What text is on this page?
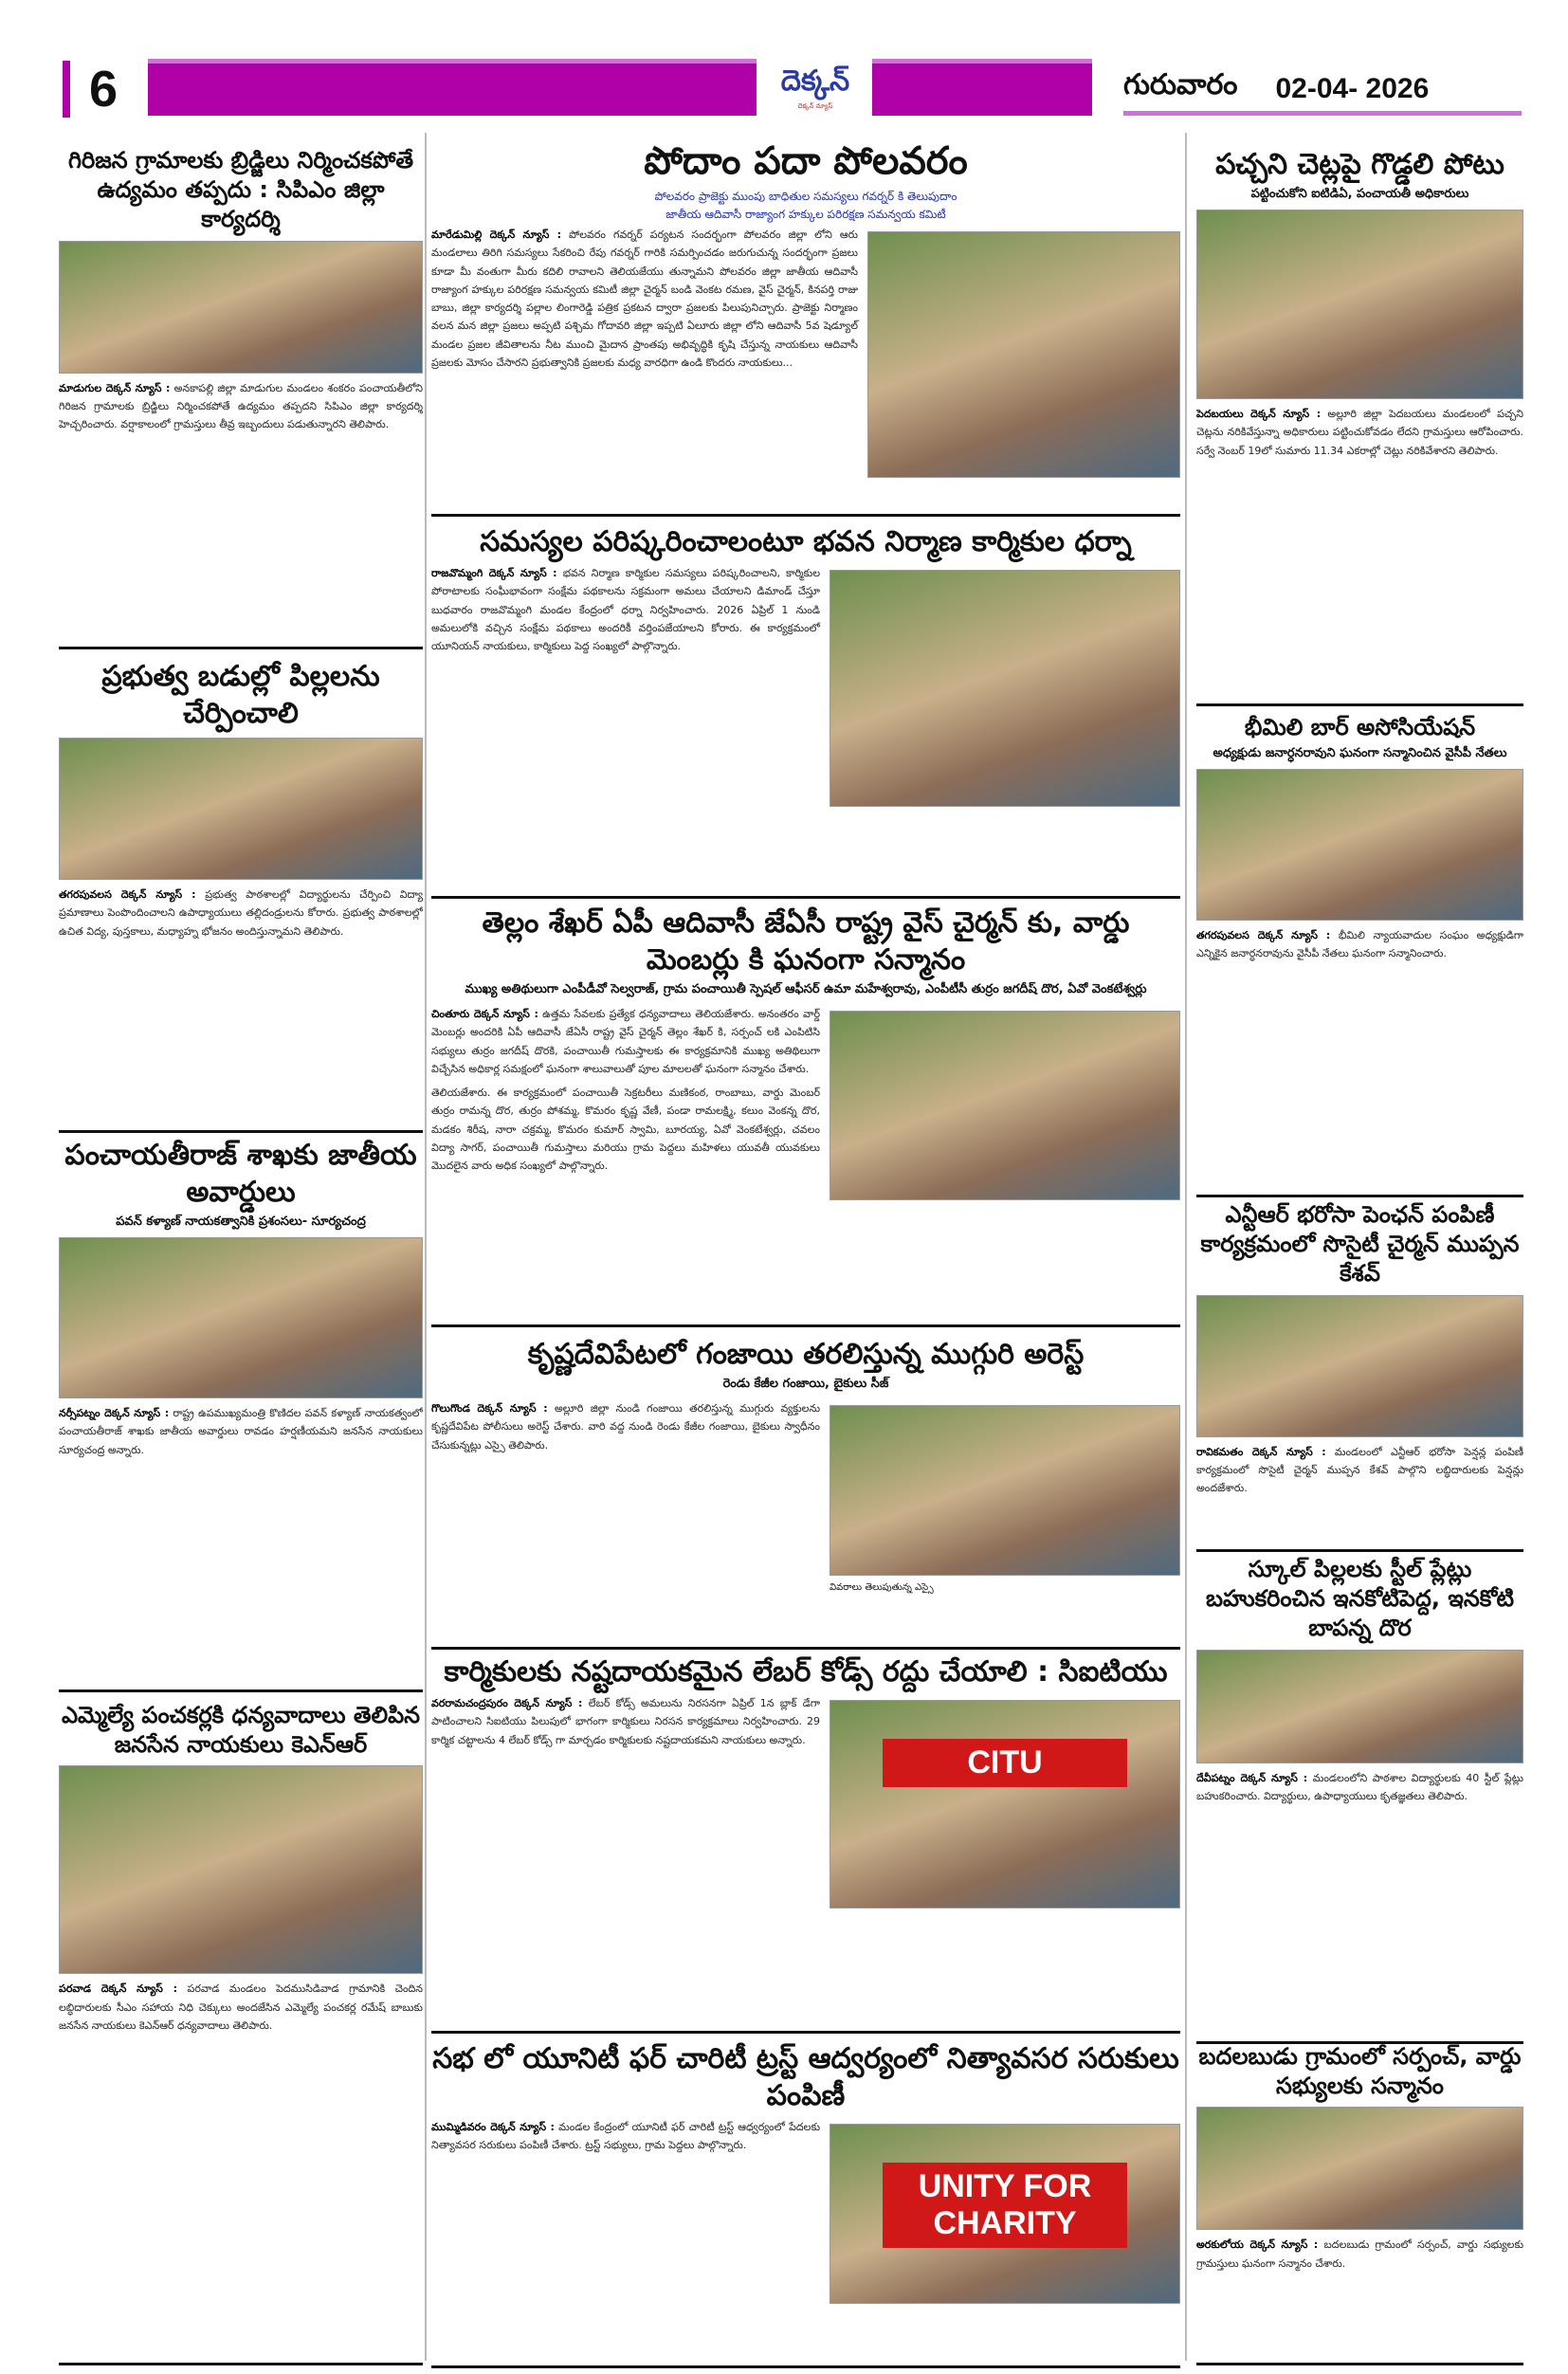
6	దెక్కన్
దెక్కన్ న్యూస్
గురువారం 02-04- 2026
పోదాం పదా పోలవరం
పోలవరం ప్రాజెక్టు ముంపు బాధితుల సమస్యలు గవర్నర్ కి తెలుపుదాం
జాతీయ ఆదివాసీ రాజ్యాంగ హక్కుల పరిరక్షణ సమన్వయ కమిటీ

మారేడుమిల్లి దెక్కన్ న్యూస్ : పోలవరం గవర్నర్ పర్యటన సందర్భంగా పోలవరం జిల్లా లోని ఆరు మండలాలు తిరిగి సమస్యలు సేకరించి రేపు గవర్నర్ గారికి సమర్పించడం జరుగుచున్న సందర్భంగా ప్రజలు కూడా మీ వంతుగా మీరు కదిలి రావాలని తెలియజేయు తున్నామని పోలవరం జిల్లా జాతీయ ఆదివాసీ రాజ్యాంగ హక్కుల పరిరక్షణ సమన్వయ కమిటీ జిల్లా చైర్మన్ బండి వెంకట రమణ, వైస్ చైర్మన్, కినపర్తి రాజు బాబు, జిల్లా కార్యదర్శి పల్లాల లింగారెడ్డి పత్రిక ప్రకటన ద్వారా ప్రజలకు పిలుపునిచ్చారు. ప్రాజెక్టు నిర్మాణం వలన మన జిల్లా ప్రజలు అప్పటి పశ్చిమ గోదావరి జిల్లా ఇప్పటి ఏలూరు జిల్లా లోని ఆదివాసీ 5వ షెడ్యూల్ మండల ప్రజల జీవితాలను నీట ముంచి మైదాన ప్రాంతపు అభివృద్ధికి కృషి చేస్తున్న నాయకులు ఆదివాసీ ప్రజలకు మోసం చేసారని ప్రభుత్వానికి ప్రజలకు మధ్య వారధిగా ఉండి కొందరు నాయకులు...

సమస్యల పరిష్కరించాలంటూ భవన నిర్మాణ కార్మికుల ధర్నా

రాజవొమ్మంగి దెక్కన్ న్యూస్ : భవన నిర్మాణ కార్మికుల సమస్యలు పరిష్కరించాలని, కార్మికుల పోరాటాలకు సంఘీభావంగా సంక్షేమ పథకాలను సక్రమంగా అమలు చేయాలని డిమాండ్ చేస్తూ బుధవారం రాజవొమ్మంగి మండల కేంద్రంలో ధర్నా నిర్వహించారు. 2026 ఏప్రిల్ 1 నుండి అమలులోకి వచ్చిన సంక్షేమ పథకాలు అందరికీ వర్తింపజేయాలని కోరారు. ఈ కార్యక్రమంలో యూనియన్ నాయకులు, కార్మికులు పెద్ద సంఖ్యలో పాల్గొన్నారు.

తెల్లం శేఖర్ ఏపీ ఆదివాసీ జేఏసీ రాష్ట్ర వైస్ చైర్మన్ కు, వార్డు మెంబర్లు కి ఘనంగా సన్మానం
ముఖ్య అతిథులుగా ఎంపీడీవో సెల్వరాజ్, గ్రామ పంచాయితీ స్పెషల్ ఆఫీసర్ ఉమా మహేశ్వరావు, ఎంపీటీసీ తుర్రం జగదీష్ దొర, ఏవో వెంకటేశ్వర్లు

చింతూరు దెక్కన్ న్యూస్ : ఉత్తమ సేవలకు ప్రత్యేక ధన్యవాదాలు తెలియజేశారు. అనంతరం వార్డ్ మెంబర్లు అందరికి ఏపీ ఆదివాసీ జేఏసీ రాష్ట్ర వైస్ చైర్మన్ తెల్లం శేఖర్ కి, సర్పంచ్ లకి ఎంపిటిసి సభ్యులు తుర్రం జగదీష్ దొరకి, పంచాయితీ గుమస్తాలకు ఈ కార్యక్రమానికి ముఖ్య అతిథిలుగా విచ్చేసిన అధికార్ల సమక్షంలో ఘనంగా శాలువాలుతో పూల మాలలతో ఘనంగా సన్మానం చేశారు.

తెలియజేశారు. ఈ కార్యక్రమంలో పంచాయితీ సెక్రటరీలు మణికంఠ, రాంబాబు, వార్డు మెంబర్ తుర్రం రామన్న దొర, తుర్రం పోశమ్మ, కొమరం కృష్ణ వేణీ, పండా రామలక్ష్మి, కలుం వెంకన్న దొర, మడకం శిరీష, నారా చక్రమ్మ, కొమరం కుమార్ స్వామి, బూరయ్య, ఏవో వెంకటేశ్వర్లు, చవలం విద్యా సాగర్, పంచాయితీ గుమస్తాలు మరియు గ్రామ పెద్దలు మహిళలు యువతీ యువకులు మొదలైన వారు అధిక సంఖ్యలో పాల్గొన్నారు.

కృష్ణదేవిపేటలో గంజాయి తరలిస్తున్న ముగ్గురి అరెస్ట్
రెండు కేజీల గంజాయి, బైకులు సీజ్
వివరాలు తెలుపుతున్న ఎస్సై

గొలుగొండ దెక్కన్ న్యూస్ : అల్లూరి జిల్లా నుండి గంజాయి తరలిస్తున్న ముగ్గురు వ్యక్తులను కృష్ణదేవిపేట పోలీసులు అరెస్ట్ చేశారు. వారి వద్ద నుండి రెండు కేజీల గంజాయి, బైకులు స్వాధీనం చేసుకున్నట్లు ఎస్సై తెలిపారు.

కార్మికులకు నష్టదాయకమైన లేబర్ కోడ్స్ రద్దు చేయాలి : సిఐటియు
CITU

వరరామచంద్రపురం దెక్కన్ న్యూస్ : లేబర్ కోడ్స్ అమలును నిరసనగా ఏప్రిల్ 1న బ్లాక్ డేగా పాటించాలని సిఐటియు పిలుపులో భాగంగా కార్మికులు నిరసన కార్యక్రమాలు నిర్వహించారు. 29 కార్మిక చట్టాలను 4 లేబర్ కోడ్స్ గా మార్చడం కార్మికులకు నష్టదాయకమని నాయకులు అన్నారు.

సభ లో యూనిటీ ఫర్ చారిటీ ట్రస్ట్ ఆద్వర్యంలో నిత్యావసర సరుకులు పంపిణీ
UNITY FOR CHARITY

ముమ్మిడివరం దెక్కన్ న్యూస్ : మండల కేంద్రంలో యూనిటీ ఫర్ చారిటీ ట్రస్ట్ ఆధ్వర్యంలో పేదలకు నిత్యావసర సరుకులు పంపిణీ చేశారు. ట్రస్ట్ సభ్యులు, గ్రామ పెద్దలు పాల్గొన్నారు.

గిరిజన గ్రామాలకు బ్రిడ్జిలు నిర్మించకపోతే ఉద్యమం తప్పదు : సిపిఎం జిల్లా కార్యదర్శి

మాడుగుల దెక్కన్ న్యూస్ : అనకాపల్లి జిల్లా మాడుగుల మండలం శంకరం పంచాయతీలోని గిరిజన గ్రామాలకు బ్రిడ్జిలు నిర్మించకపోతే ఉద్యమం తప్పదని సిపిఎం జిల్లా కార్యదర్శి హెచ్చరించారు. వర్షాకాలంలో గ్రామస్తులు తీవ్ర ఇబ్బందులు పడుతున్నారని తెలిపారు.

ప్రభుత్వ బడుల్లో పిల్లలను చేర్పించాలి

తగరపువలస దెక్కన్ న్యూస్ : ప్రభుత్వ పాఠశాలల్లో విద్యార్థులను చేర్పించి విద్యా ప్రమాణాలు పెంపొందించాలని ఉపాధ్యాయులు తల్లిదండ్రులను కోరారు. ప్రభుత్వ పాఠశాలల్లో ఉచిత విద్య, పుస్తకాలు, మధ్యాహ్న భోజనం అందిస్తున్నామని తెలిపారు.

పంచాయతీరాజ్ శాఖకు జాతీయ అవార్డులు
పవన్ కళ్యాణ్ నాయకత్వానికి ప్రశంసలు- సూర్యచంద్ర

నర్సీపట్నం దెక్కన్ న్యూస్ : రాష్ట్ర ఉపముఖ్యమంత్రి కొణిదల పవన్ కళ్యాణ్ నాయకత్వంలో పంచాయతీరాజ్ శాఖకు జాతీయ అవార్డులు రావడం హర్షణీయమని జనసేన నాయకులు సూర్యచంద్ర అన్నారు.

ఎమ్మెల్యే పంచకర్లకి ధన్యవాదాలు తెలిపిన జనసేన నాయకులు కెఎన్ఆర్

పరవాడ దెక్కన్ న్యూస్ : పరవాడ మండలం పెదముసిడివాడ గ్రామానికి చెందిన లబ్ధిదారులకు సీఎం సహాయ నిధి చెక్కులు అందజేసిన ఎమ్మెల్యే పంచకర్ల రమేష్ బాబుకు జనసేన నాయకులు కెఎన్ఆర్ ధన్యవాదాలు తెలిపారు.

పచ్చని చెట్లపై గొడ్డలి పోటు
పట్టించుకోని ఐటిడిఏ, పంచాయతీ అధికారులు

పెదబయలు దెక్కన్ న్యూస్ : అల్లూరి జిల్లా పెదబయలు మండలంలో పచ్చని చెట్లను నరికివేస్తున్నా అధికారులు పట్టించుకోవడం లేదని గ్రామస్తులు ఆరోపించారు. సర్వే నెంబర్ 19లో సుమారు 11.34 ఎకరాల్లో చెట్లు నరికివేశారని తెలిపారు.

భీమిలి బార్ అసోసియేషన్
అధ్యక్షుడు జనార్ధనరావుని ఘనంగా సన్మానించిన వైసీపీ నేతలు

తగరపువలస దెక్కన్ న్యూస్ : భీమిలి న్యాయవాదుల సంఘం అధ్యక్షుడిగా ఎన్నికైన జనార్ధనరావును వైసీపీ నేతలు ఘనంగా సన్మానించారు.

ఎన్టీఆర్ భరోసా పెంఛన్ పంపిణీ కార్యక్రమంలో సొసైటీ చైర్మన్ ముప్పన కేశవ్

రావికమతం దెక్కన్ న్యూస్ : మండలంలో ఎన్టీఆర్ భరోసా పెన్షన్ల పంపిణీ కార్యక్రమంలో సొసైటీ చైర్మన్ ముప్పన కేశవ్ పాల్గొని లబ్ధిదారులకు పెన్షన్లు అందజేశారు.

స్కూల్ పిల్లలకు స్టీల్ ప్లేట్లు బహుకరించిన ఇనకోటిపెద్ద, ఇనకోటి బాపన్న దొర

దేవీపట్నం దెక్కన్ న్యూస్ : మండలంలోని పాఠశాల విద్యార్థులకు 40 స్టీల్ ప్లేట్లు బహుకరించారు. విద్యార్థులు, ఉపాధ్యాయులు కృతజ్ఞతలు తెలిపారు.

బదలబుడు గ్రామంలో సర్పంచ్, వార్డు సభ్యులకు సన్మానం

అరకులోయ దెక్కన్ న్యూస్ : బదలబుడు గ్రామంలో సర్పంచ్, వార్డు సభ్యులకు గ్రామస్తులు ఘనంగా సన్మానం చేశారు.
